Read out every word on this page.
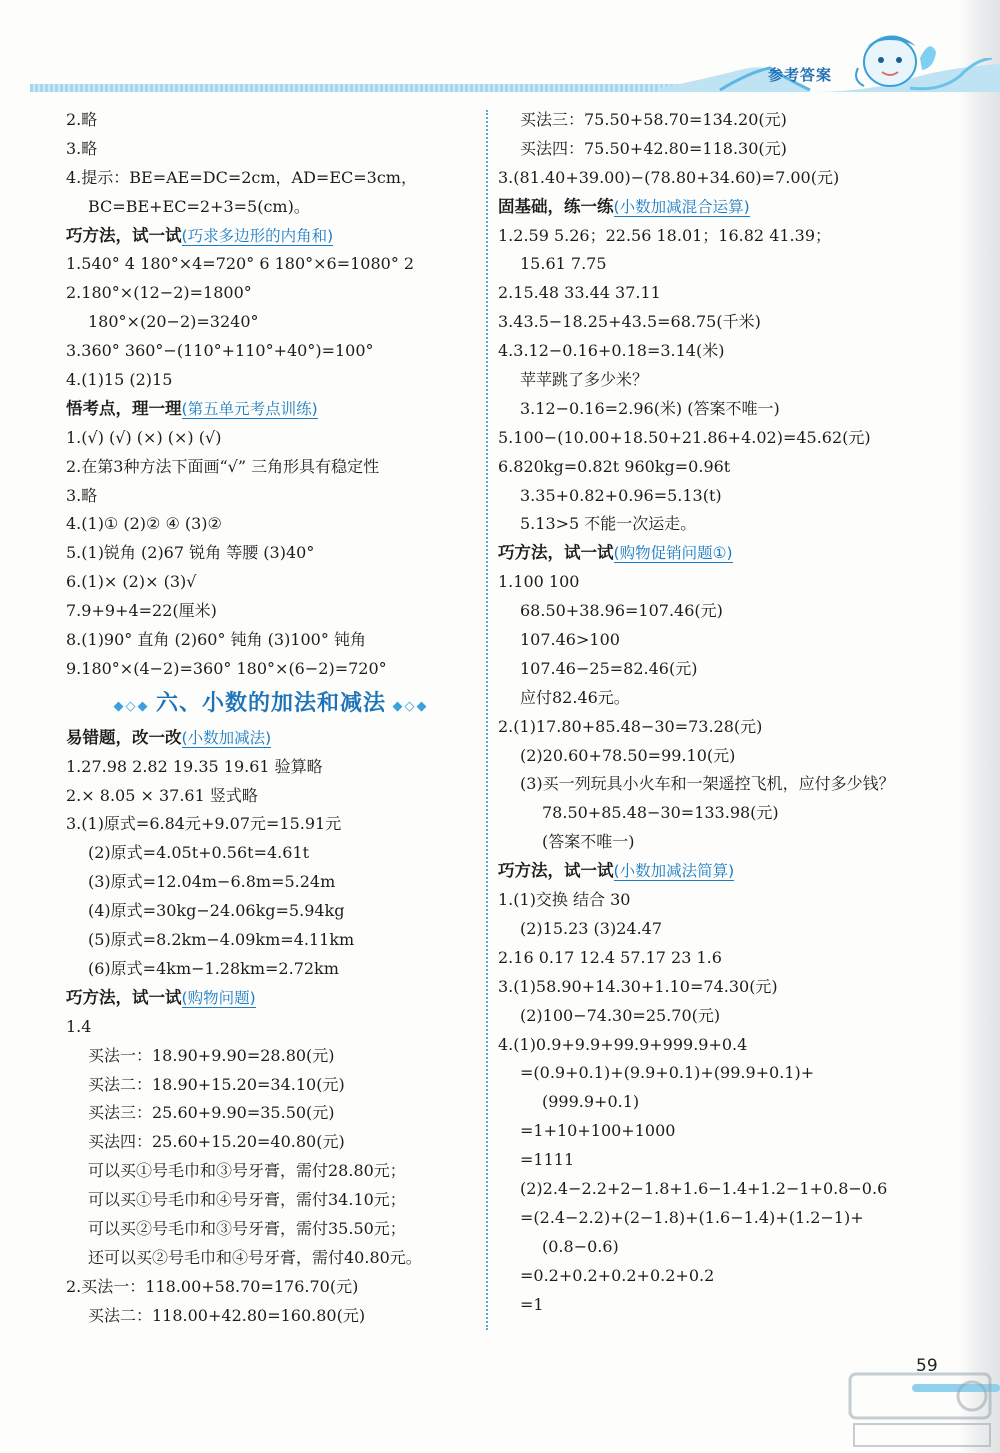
参考答案
2.略
3.略
4.提示：BE=AE=DC=2cm，AD=EC=3cm，
BC=BE+EC=2+3=5(cm)。
巧方法，试一试(巧求多边形的内角和)
1.540° 4 180°×4=720° 6 180°×6=1080° 2
2.180°×(12−2)=1800°
180°×(20−2)=3240°
3.360° 360°−(110°+110°+40°)=100°
4.(1)15 (2)15
悟考点，理一理(第五单元考点训练)
1.(√) (√) (×) (×) (√)
2.在第3种方法下面画“√” 三角形具有稳定性
3.略
4.(1)① (2)② ④ (3)②
5.(1)锐角 (2)67 锐角 等腰 (3)40°
6.(1)× (2)× (3)√
7.9+9+4=22(厘米)
8.(1)90° 直角 (2)60° 钝角 (3)100° 钝角
9.180°×(4−2)=360° 180°×(6−2)=720°
◆◇◆ 六、小数的加法和减法 ◆◇◆
易错题，改一改(小数加减法)
1.27.98 2.82 19.35 19.61 验算略
2.× 8.05 × 37.61 竖式略
3.(1)原式=6.84元+9.07元=15.91元
(2)原式=4.05t+0.56t=4.61t
(3)原式=12.04m−6.8m=5.24m
(4)原式=30kg−24.06kg=5.94kg
(5)原式=8.2km−4.09km=4.11km
(6)原式=4km−1.28km=2.72km
巧方法，试一试(购物问题)
1.4
买法一：18.90+9.90=28.80(元)
买法二：18.90+15.20=34.10(元)
买法三：25.60+9.90=35.50(元)
买法四：25.60+15.20=40.80(元)
可以买①号毛巾和③号牙膏，需付28.80元；
可以买①号毛巾和④号牙膏，需付34.10元；
可以买②号毛巾和③号牙膏，需付35.50元；
还可以买②号毛巾和④号牙膏，需付40.80元。
2.买法一：118.00+58.70=176.70(元)
买法二：118.00+42.80=160.80(元)
买法三：75.50+58.70=134.20(元)
买法四：75.50+42.80=118.30(元)
3.(81.40+39.00)−(78.80+34.60)=7.00(元)
固基础，练一练(小数加减混合运算)
1.2.59 5.26；22.56 18.01；16.82 41.39；
15.61 7.75
2.15.48 33.44 37.11
3.43.5−18.25+43.5=68.75(千米)
4.3.12−0.16+0.18=3.14(米)
苹苹跳了多少米？
3.12−0.16=2.96(米) (答案不唯一)
5.100−(10.00+18.50+21.86+4.02)=45.62(元)
6.820kg=0.82t 960kg=0.96t
3.35+0.82+0.96=5.13(t)
5.13>5 不能一次运走。
巧方法，试一试(购物促销问题①)
1.100 100
68.50+38.96=107.46(元)
107.46>100
107.46−25=82.46(元)
应付82.46元。
2.(1)17.80+85.48−30=73.28(元)
(2)20.60+78.50=99.10(元)
(3)买一列玩具小火车和一架遥控飞机，应付多少钱？
78.50+85.48−30=133.98(元)
(答案不唯一)
巧方法，试一试(小数加减法简算)
1.(1)交换 结合 30
(2)15.23 (3)24.47
2.16 0.17 12.4 57.17 23 1.6
3.(1)58.90+14.30+1.10=74.30(元)
(2)100−74.30=25.70(元)
4.(1)0.9+9.9+99.9+999.9+0.4
=(0.9+0.1)+(9.9+0.1)+(99.9+0.1)+
(999.9+0.1)
=1+10+100+1000
=1111
(2)2.4−2.2+2−1.8+1.6−1.4+1.2−1+0.8−0.6
=(2.4−2.2)+(2−1.8)+(1.6−1.4)+(1.2−1)+
(0.8−0.6)
=0.2+0.2+0.2+0.2+0.2
=1
59
